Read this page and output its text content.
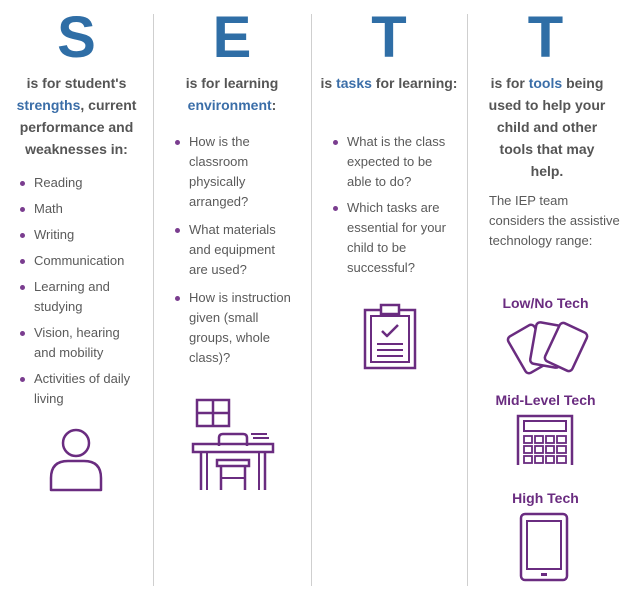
S
is for student's
strengths, current performance and weaknesses in:
Reading
Math
Writing
Communication
Learning and studying
Vision, hearing and mobility
Activities of daily living
E
is for learning
environment:
How is the classroom physically arranged?
What materials and equipment are used?
How is instruction given (small groups, whole class)?
T
is tasks for learning:
What is the class expected to be able to do?
Which tasks are essential for your child to be successful?
T
is for tools being used to help your child and other tools that may help.
The IEP team considers the assistive technology range:
Low/No Tech
Mid-Level Tech
High Tech
